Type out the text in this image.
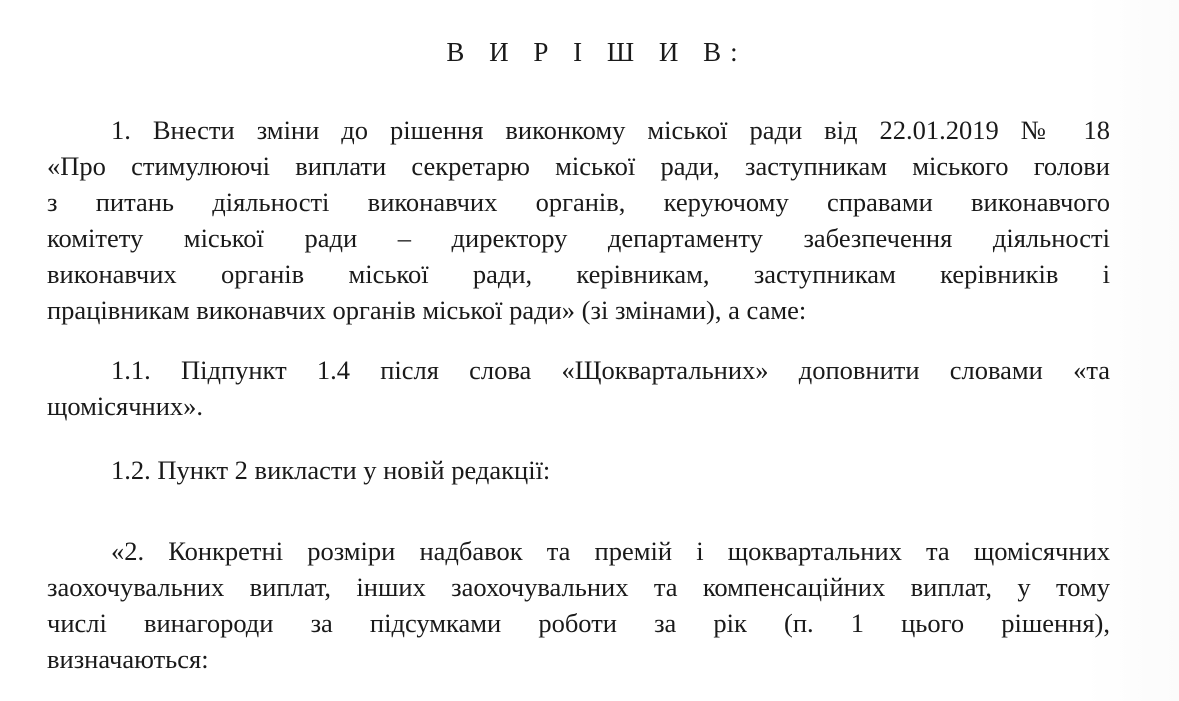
В И Р І Ш И В:
1. Внести зміни до рішення виконкому міської ради від 22.01.2019 № 18
«Про стимулюючі виплати секретарю міської ради, заступникам міського голови
з питань діяльності виконавчих органів, керуючому справами виконавчого
комітету міської ради – директору департаменту забезпечення діяльності
виконавчих органів міської ради, керівникам, заступникам керівників і
працівникам виконавчих органів міської ради» (зі змінами), а саме:
1.1. Підпункт 1.4 після слова «Щоквартальних» доповнити словами «та
щомісячних».
1.2. Пункт 2 викласти у новій редакції:
«2. Конкретні розміри надбавок та премій і щоквартальних та щомісячних
заохочувальних виплат, інших заохочувальних та компенсаційних виплат, у тому
числі винагороди за підсумками роботи за рік (п. 1 цього рішення),
визначаються:
